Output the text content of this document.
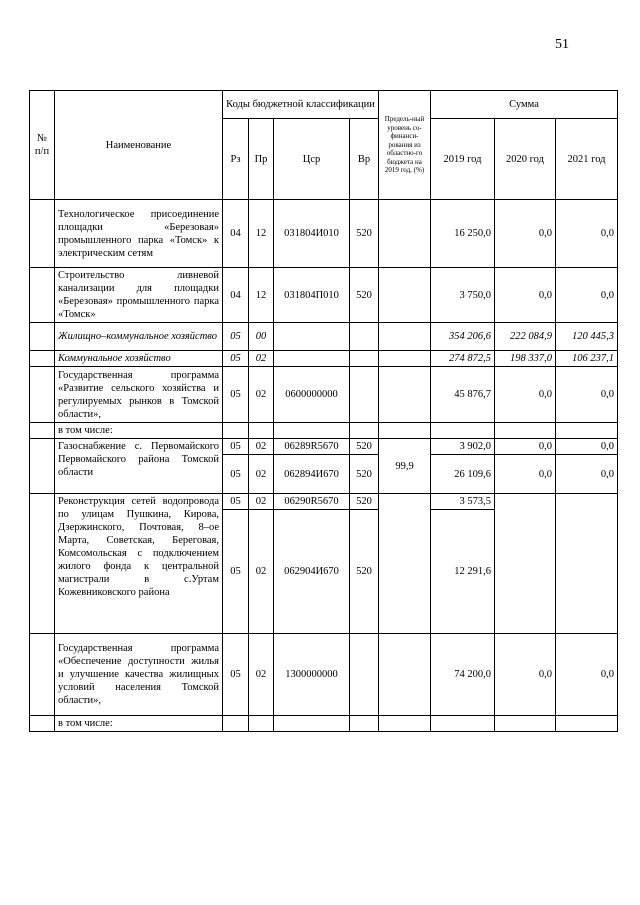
51
№ п/п	Наименование	Коды бюджетной классификации				Предель-ный уровень со-финанси-рования из областно-го бюджета на 2019 год, (%)	Сумма		
		Рз	Пр	Цср	Вр		2019 год	2020 год	2021 год
	Технологическое присоединение площадки «Березовая» промышленного парка «Томск» к электрическим сетям	04	12	031804И010	520		16 250,0	0,0	0,0
	Строительство ливневой канализации для площадки «Березовая» промышленного парка «Томск»	04	12	031804П010	520		3 750,0	0,0	0,0
	Жилищно–коммунальное хозяйство	05	00				354 206,6	222 084,9	120 445,3
	Коммунальное хозяйство	05	02				274 872,5	198 337,0	106 237,1
	Государственная программа «Развитие сельского хозяйства и регулируемых рынков в Томской области»,	05	02	0600000000			45 876,7	0,0	0,0
	в том числе:								
	Газоснабжение с. Первомайского Первомайского района Томской области	05	02	06289R5670	520	99,9	3 902,0	0,0	0,0
		05	02	062894И670	520		26 109,6	0,0	0,0
	Реконструкция сетей водопровода по улицам Пушкина, Кирова, Дзержинского, Почтовая, 8–ое Марта, Советская, Береговая, Комсомольская с подключением жилого фонда к центральной магистрали в с.Уртам Кожевниковского района	05	02	06290R5670	520		3 573,5		
		05	02	062904И670	520		12 291,6		
	Государственная программа «Обеспечение доступности жилья и улучшение качества жилищных условий населения Томской области»,	05	02	1300000000			74 200,0	0,0	0,0
	в том числе:								
